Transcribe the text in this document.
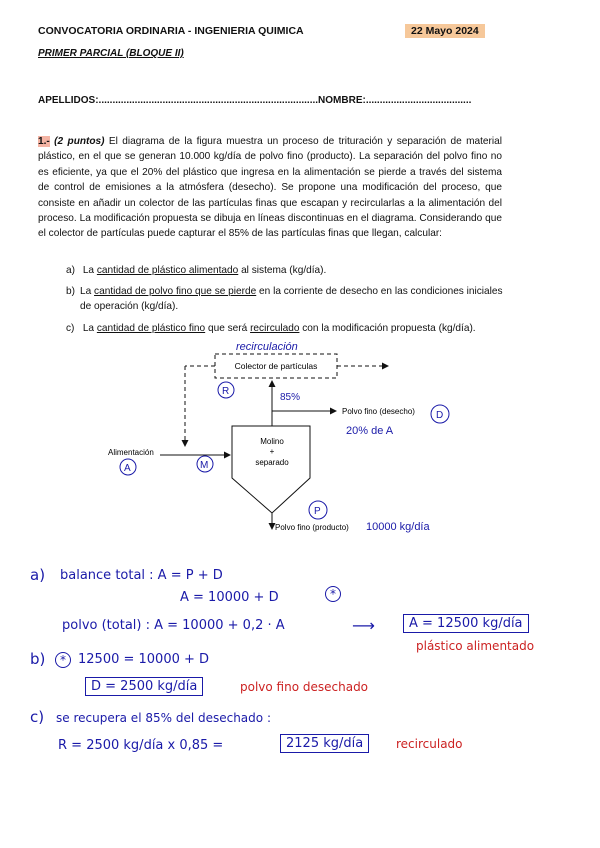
CONVOCATORIA ORDINARIA - INGENIERIA QUIMICA	22 Mayo 2024
PRIMER PARCIAL (BLOQUE II)
APELLIDOS:...............................................................................NOMBRE:......................................
1.- (2 puntos) El diagrama de la figura muestra un proceso de trituración y separación de material plástico, en el que se generan 10.000 kg/día de polvo fino (producto). La separación del polvo fino no es eficiente, ya que el 20% del plástico que ingresa en la alimentación se pierde a través del sistema de control de emisiones a la atmósfera (desecho). Se propone una modificación del proceso, que consiste en añadir un colector de las partículas finas que escapan y recircularlas a la alimentación del proceso. La modificación propuesta se dibuja en líneas discontinuas en el diagrama. Considerando que el colector de partículas puede capturar el 85% de las partículas finas que llegan, calcular:
a) La cantidad de plástico alimentado al sistema (kg/día).
b) La cantidad de polvo fino que se pierde en la corriente de desecho en las condiciones iniciales de operación (kg/día).
c) La cantidad de plástico fino que será recirculado con la modificación propuesta (kg/día).
Colector de partículas
Polvo fino (desecho)
Molino
+
separado
Alimentación
Polvo fino (producto)
recirculación
R
85%
A	M
D
20% de A
P
10000 kg/día
a) balance total : A = P + D
A = 10000 + D	*
polvo (total) : A = 10000 + 0,2 · A	⟶	A = 12500 kg/día
plástico alimentado
b)	* 12500 = 10000 + D
D = 2500 kg/día	polvo fino desechado
c) se recupera el 85% del desechado :
R = 2500 kg/día x 0,85 =	2125 kg/día	recirculado
